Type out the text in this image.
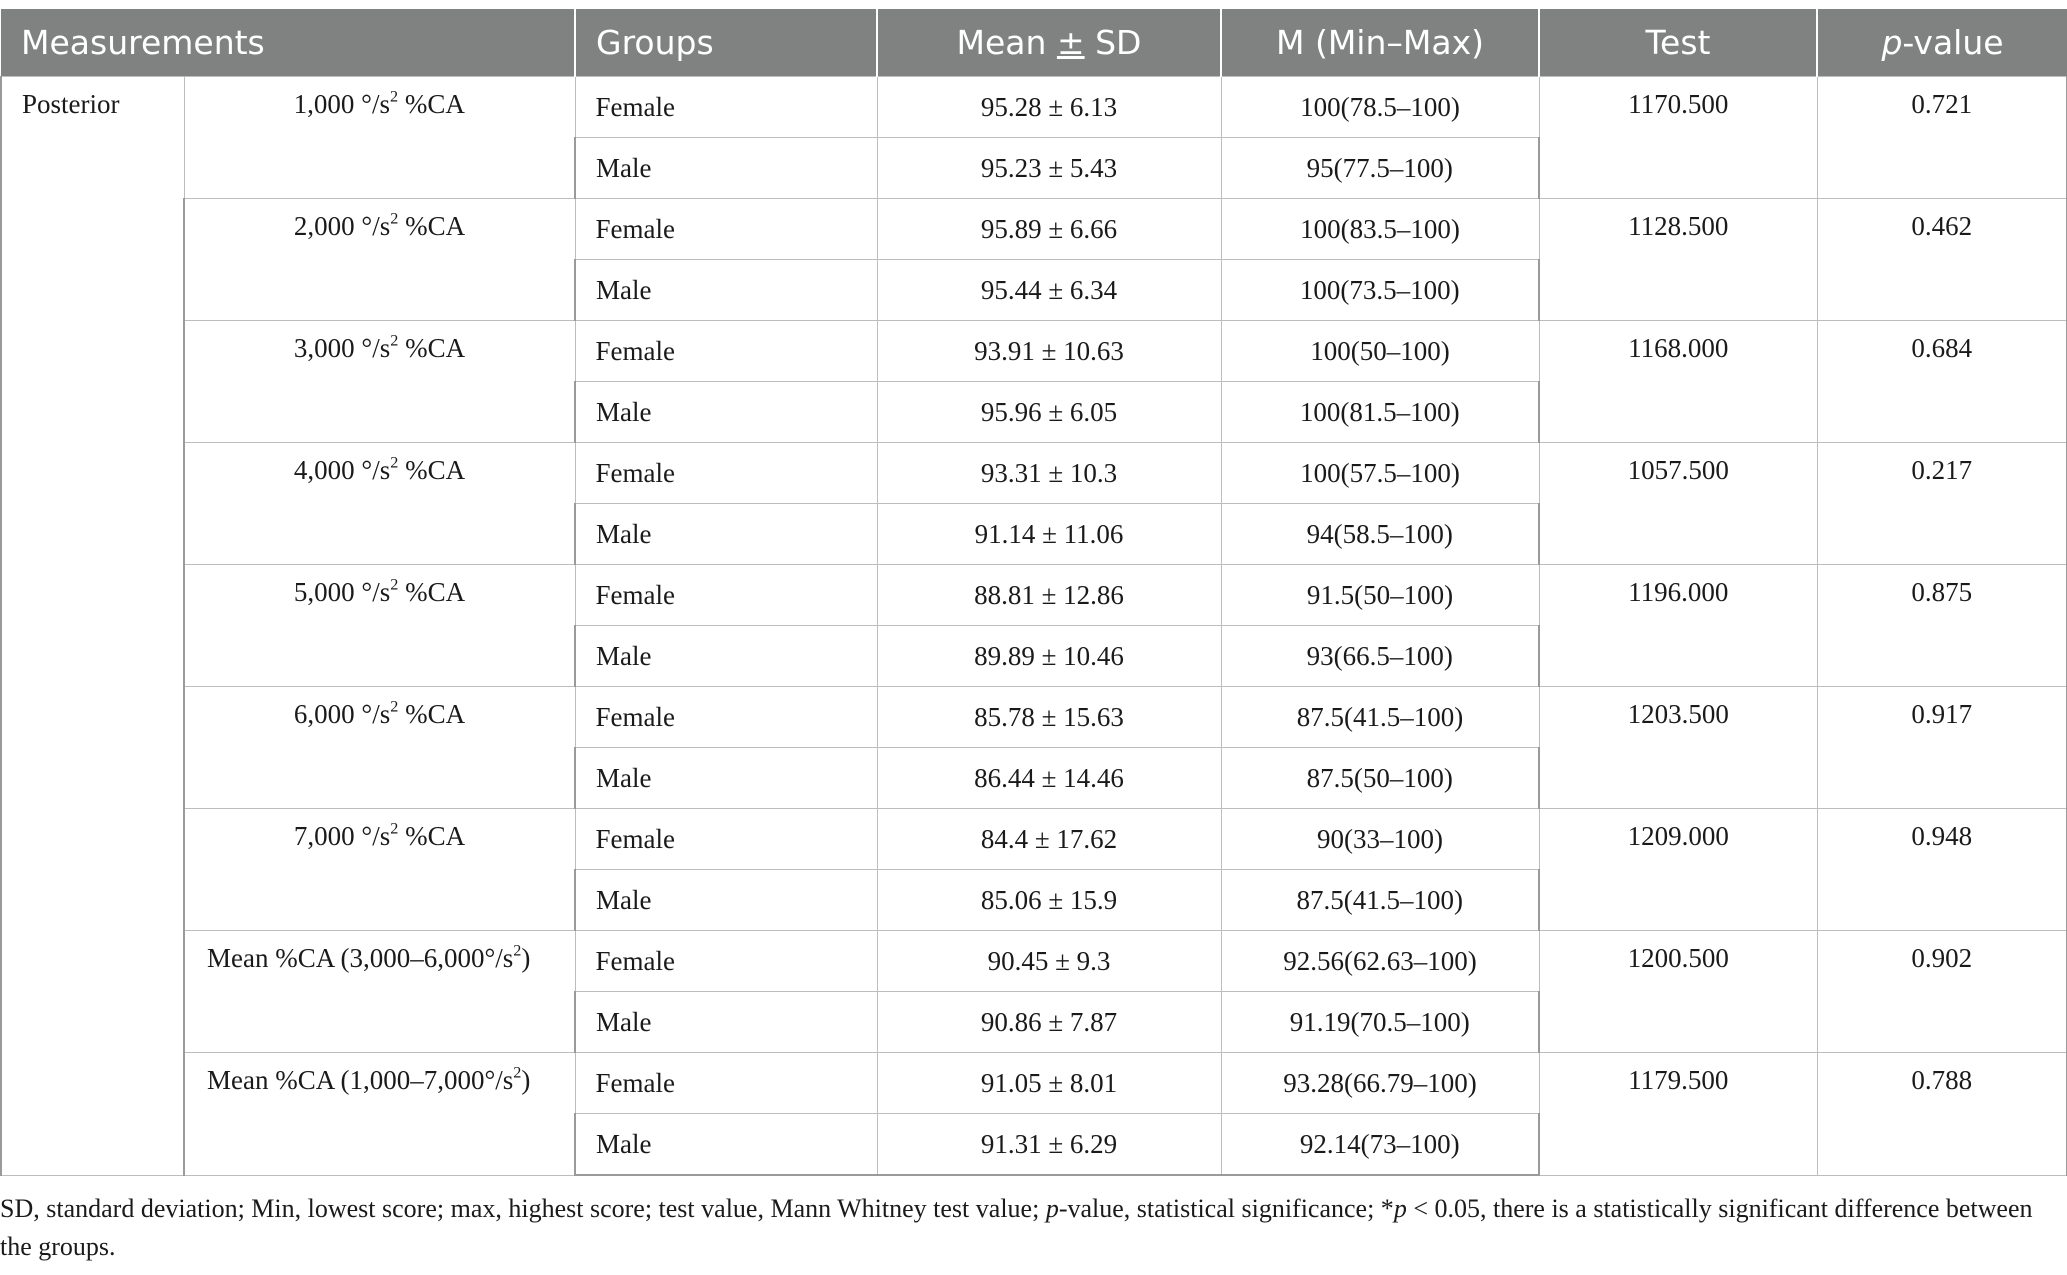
Measurements		Groups	Mean ± SD	M (Min–Max)	Test	p-value
Posterior	1,000 $^\circ/s^2$ %CA	Female	95.28 ± 6.13	100(78.5–100)	1170.500	0.721
		Male	95.23 ± 5.43	95(77.5–100)		
	2,000 $^\circ/s^2$ %CA	Female	95.89 ± 6.66	100(83.5–100)	1128.500	0.462
		Male	95.44 ± 6.34	100(73.5–100)		
	3,000 $^\circ/s^2$ %CA	Female	93.91 ± 10.63	100(50–100)	1168.000	0.684
		Male	95.96 ± 6.05	100(81.5–100)		
	4,000 $^\circ/s^2$ %CA	Female	93.31 ± 10.3	100(57.5–100)	1057.500	0.217
		Male	91.14 ± 11.06	94(58.5–100)		
	5,000 $^\circ/s^2$ %CA	Female	88.81 ± 12.86	91.5(50–100)	1196.000	0.875
		Male	89.89 ± 10.46	93(66.5–100)		
	6,000 $^\circ/s^2$ %CA	Female	85.78 ± 15.63	87.5(41.5–100)	1203.500	0.917
		Male	86.44 ± 14.46	87.5(50–100)		
	7,000 $^\circ/s^2$ %CA	Female	84.4 ± 17.62	90(33–100)	1209.000	0.948
		Male	85.06 ± 15.9	87.5(41.5–100)		
	Mean %CA $(3,000-6,000^\circ/s^2)$	Female	90.45 ± 9.3	92.56(62.63–100)	1200.500	0.902
		Male	90.86 ± 7.87	91.19(70.5–100)		
	Mean %CA $(1,000-7,000^\circ/s^2)$	Female	91.05 ± 8.01	93.28(66.79–100)	1179.500	0.788
		Male	91.31 ± 6.29	92.14(73–100)		

SD, standard deviation; Min, lowest score; max, highest score; test value, Mann Whitney test value; p-value, statistical significance; *p < 0.05, there is a statistically significant difference between the groups.
